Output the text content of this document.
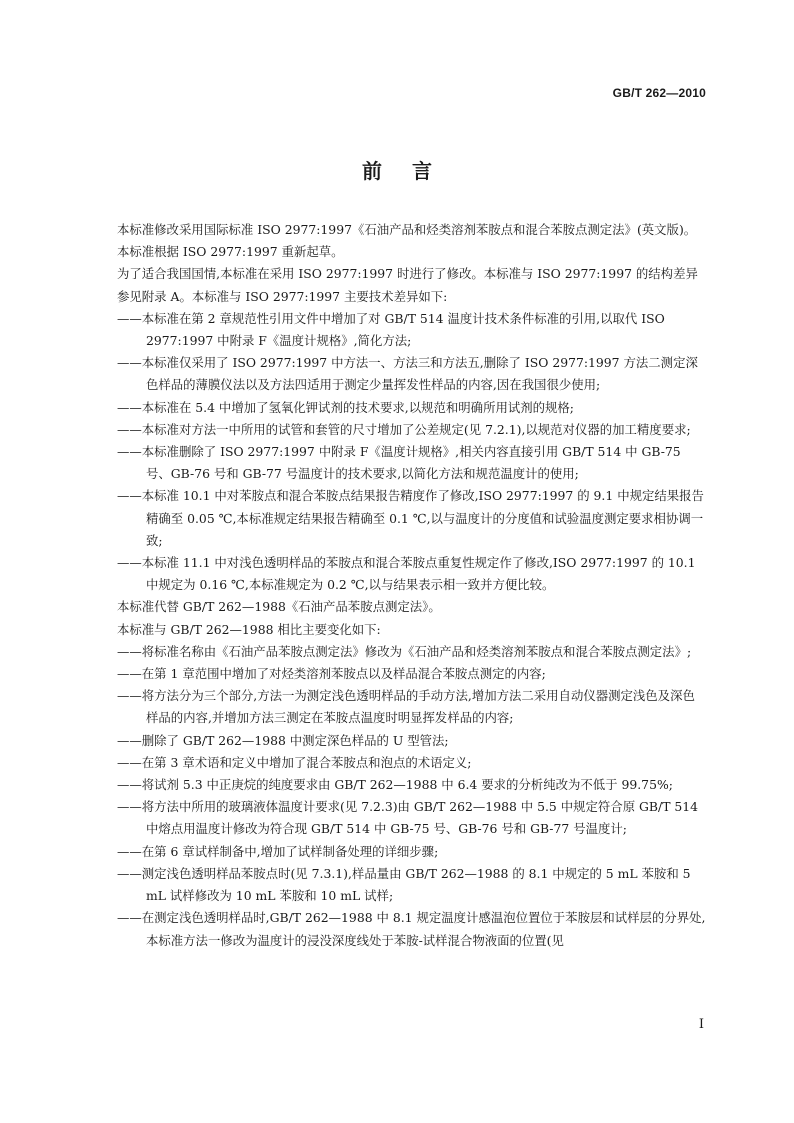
GB/T 262—2010
前言
本标准修改采用国际标准 ISO 2977:1997《石油产品和烃类溶剂苯胺点和混合苯胺点测定法》(英文版)。
本标准根据 ISO 2977:1997 重新起草。
为了适合我国国情,本标准在采用 ISO 2977:1997 时进行了修改。本标准与 ISO 2977:1997 的结构差异参见附录 A。本标准与 ISO 2977:1997 主要技术差异如下:
——本标准在第 2 章规范性引用文件中增加了对 GB/T 514 温度计技术条件标准的引用,以取代 ISO 2977:1997 中附录 F《温度计规格》,简化方法;
——本标准仅采用了 ISO 2977:1997 中方法一、方法三和方法五,删除了 ISO 2977:1997 方法二测定深色样品的薄膜仪法以及方法四适用于测定少量挥发性样品的内容,因在我国很少使用;
——本标准在 5.4 中增加了氢氧化钾试剂的技术要求,以规范和明确所用试剂的规格;
——本标准对方法一中所用的试管和套管的尺寸增加了公差规定(见 7.2.1),以规范对仪器的加工精度要求;
——本标准删除了 ISO 2977:1997 中附录 F《温度计规格》,相关内容直接引用 GB/T 514 中 GB-75 号、GB-76 号和 GB-77 号温度计的技术要求,以简化方法和规范温度计的使用;
——本标准 10.1 中对苯胺点和混合苯胺点结果报告精度作了修改,ISO 2977:1997 的 9.1 中规定结果报告精确至 0.05 ℃,本标准规定结果报告精确至 0.1 ℃,以与温度计的分度值和试验温度测定要求相协调一致;
——本标准 11.1 中对浅色透明样品的苯胺点和混合苯胺点重复性规定作了修改,ISO 2977:1997 的 10.1 中规定为 0.16 ℃,本标准规定为 0.2 ℃,以与结果表示相一致并方便比较。
本标准代替 GB/T 262—1988《石油产品苯胺点测定法》。
本标准与 GB/T 262—1988 相比主要变化如下:
——将标准名称由《石油产品苯胺点测定法》修改为《石油产品和烃类溶剂苯胺点和混合苯胺点测定法》;
——在第 1 章范围中增加了对烃类溶剂苯胺点以及样品混合苯胺点测定的内容;
——将方法分为三个部分,方法一为测定浅色透明样品的手动方法,增加方法二采用自动仪器测定浅色及深色样品的内容,并增加方法三测定在苯胺点温度时明显挥发样品的内容;
——删除了 GB/T 262—1988 中测定深色样品的 U 型管法;
——在第 3 章术语和定义中增加了混合苯胺点和泡点的术语定义;
——将试剂 5.3 中正庚烷的纯度要求由 GB/T 262—1988 中 6.4 要求的分析纯改为不低于 99.75%;
——将方法中所用的玻璃液体温度计要求(见 7.2.3)由 GB/T 262—1988 中 5.5 中规定符合原 GB/T 514 中熔点用温度计修改为符合现 GB/T 514 中 GB-75 号、GB-76 号和 GB-77 号温度计;
——在第 6 章试样制备中,增加了试样制备处理的详细步骤;
——测定浅色透明样品苯胺点时(见 7.3.1),样品量由 GB/T 262—1988 的 8.1 中规定的 5 mL 苯胺和 5 mL 试样修改为 10 mL 苯胺和 10 mL 试样;
——在测定浅色透明样品时,GB/T 262—1988 中 8.1 规定温度计感温泡位置位于苯胺层和试样层的分界处,本标准方法一修改为温度计的浸没深度线处于苯胺-试样混合物液面的位置(见
I
